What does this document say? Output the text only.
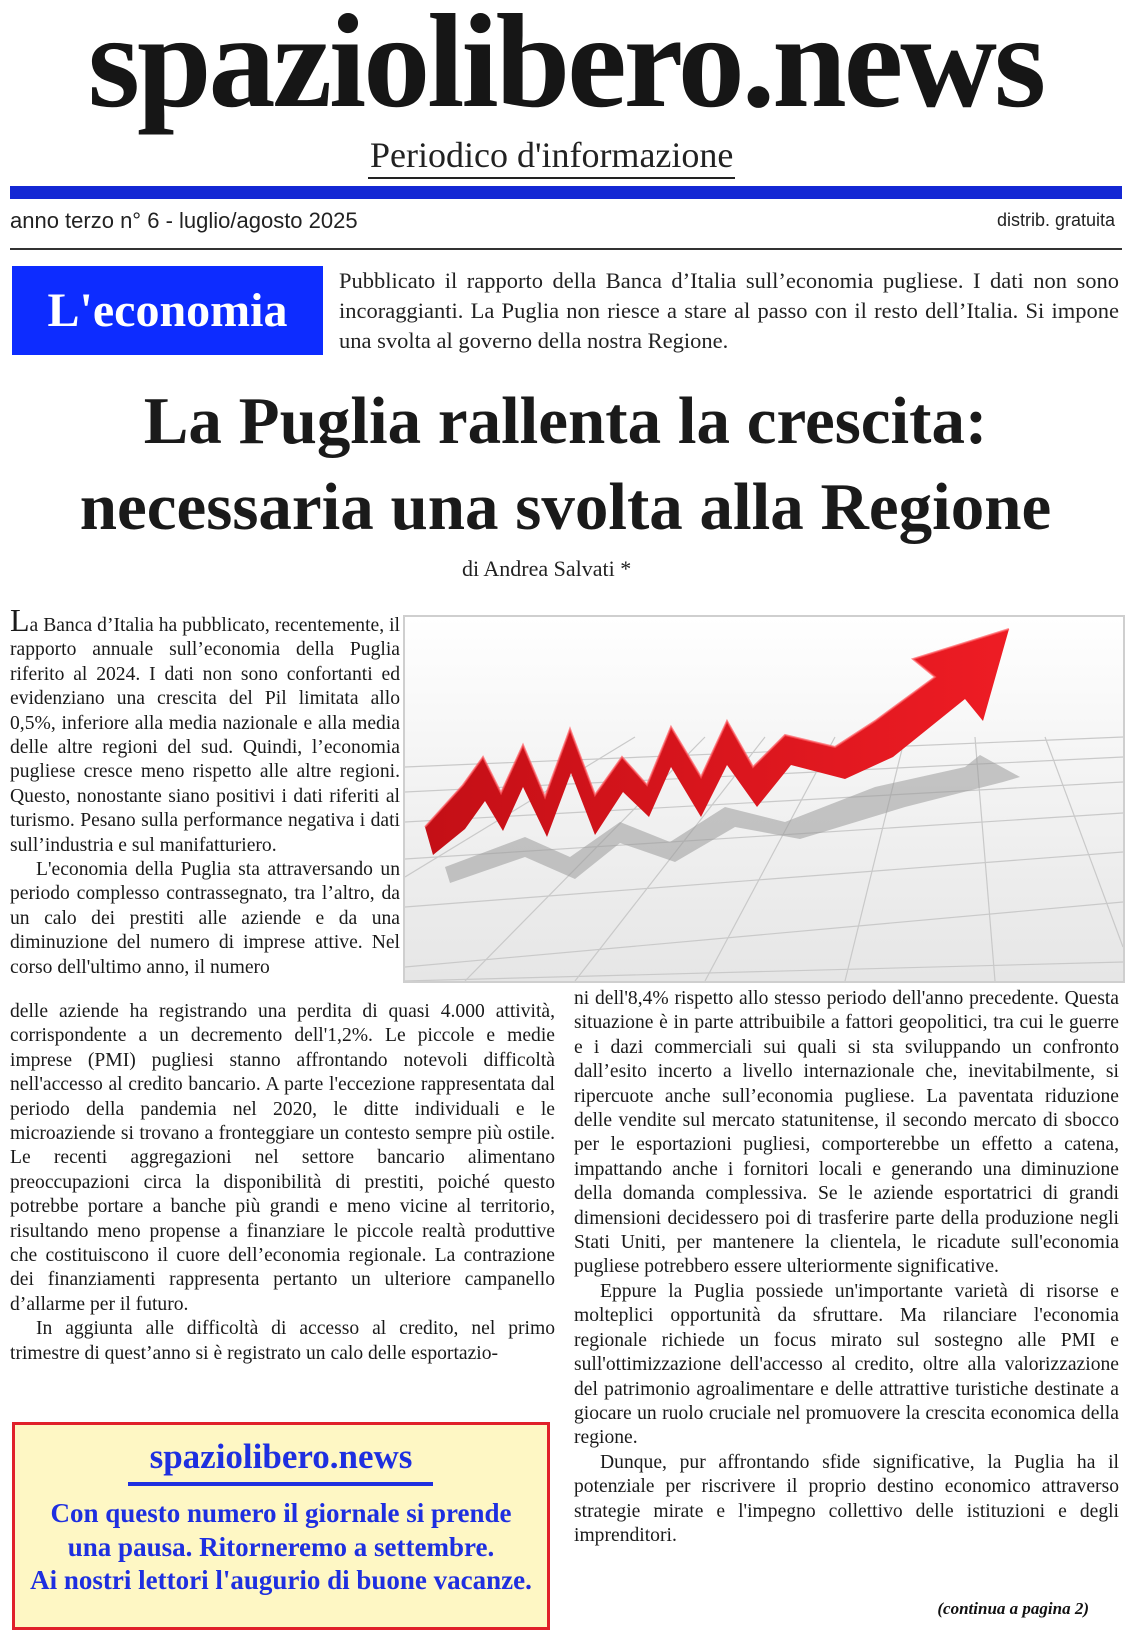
spaziolibero.news
Periodico d'informazione
anno terzo n° 6 - luglio/agosto 2025	distrib. gratuita
L'economia
Pubblicato il rapporto della Banca d’Italia sull’economia pugliese. I dati non sono incoraggianti. La Puglia non riesce a stare al passo con il resto dell’Italia. Si impone una svolta al governo della nostra Regione.
La Puglia rallenta la crescita:
necessaria una svolta alla Regione
di Andrea Salvati *

La Banca d’Italia ha pubblicato, recentemente, il rapporto annuale sull’economia della Puglia riferito al 2024. I dati non sono confortanti ed evidenziano una crescita del Pil limitata allo 0,5%, inferiore alla media nazionale e alla media delle altre regioni del sud. Quindi, l’economia pugliese cresce meno rispetto alle altre regioni. Questo, nonostante siano positivi i dati riferiti al turismo. Pesano sulla performance negativa i dati sull’industria e sul manifatturiero.

L'economia della Puglia sta attraversando un periodo complesso contrassegnato, tra l’altro, da un calo dei prestiti alle aziende e da una diminuzione del numero di imprese attive. Nel corso dell'ultimo anno, il numero

delle aziende ha registrando una perdita di quasi 4.000 attività, corrispondente a un decremento dell'1,2%. Le piccole e medie imprese (PMI) pugliesi stanno affrontando notevoli difficoltà nell'accesso al credito bancario. A parte l'eccezione rappresentata dal periodo della pandemia nel 2020, le ditte individuali e le microaziende si trovano a fronteggiare un contesto sempre più ostile. Le recenti aggregazioni nel settore bancario alimentano preoccupazioni circa la disponibilità di prestiti, poiché questo potrebbe portare a banche più grandi e meno vicine al territorio, risultando meno propense a finanziare le piccole realtà produttive che costituiscono il cuore dell’economia regionale. La contrazione dei finanziamenti rappresenta pertanto un ulteriore campanello d’allarme per il futuro.

In aggiunta alle difficoltà di accesso al credito, nel primo trimestre di quest’anno si è registrato un calo delle esportazio-

ni dell'8,4% rispetto allo stesso periodo dell'anno precedente. Questa situazione è in parte attribuibile a fattori geopolitici, tra cui le guerre e i dazi commerciali sui quali si sta sviluppando un confronto dall’esito incerto a livello internazionale che, inevitabilmente, si ripercuote anche sull’economia pugliese. La paventata riduzione delle vendite sul mercato statunitense, il secondo mercato di sbocco per le esportazioni pugliesi, comporterebbe un effetto a catena, impattando anche i fornitori locali e generando una diminuzione della domanda complessiva. Se le aziende esportatrici di grandi dimensioni decidessero poi di trasferire parte della produzione negli Stati Uniti, per mantenere la clientela, le ricadute sull'economia pugliese potrebbero essere ulteriormente significative.

Eppure la Puglia possiede un'importante varietà di risorse e molteplici opportunità da sfruttare. Ma rilanciare l'economia regionale richiede un focus mirato sul sostegno alle PMI e sull'ottimizzazione dell'accesso al credito, oltre alla valorizzazione del patrimonio agroalimentare e delle attrattive turistiche destinate a giocare un ruolo cruciale nel promuovere la crescita economica della regione.

Dunque, pur affrontando sfide significative, la Puglia ha il potenziale per riscrivere il proprio destino economico attraverso strategie mirate e l'impegno collettivo delle istituzioni e degli imprenditori.

spaziolibero.news
Con questo numero il giornale si prende
una pausa. Ritorneremo a settembre.
Ai nostri lettori l'augurio di buone vacanze.
(continua a pagina 2)
